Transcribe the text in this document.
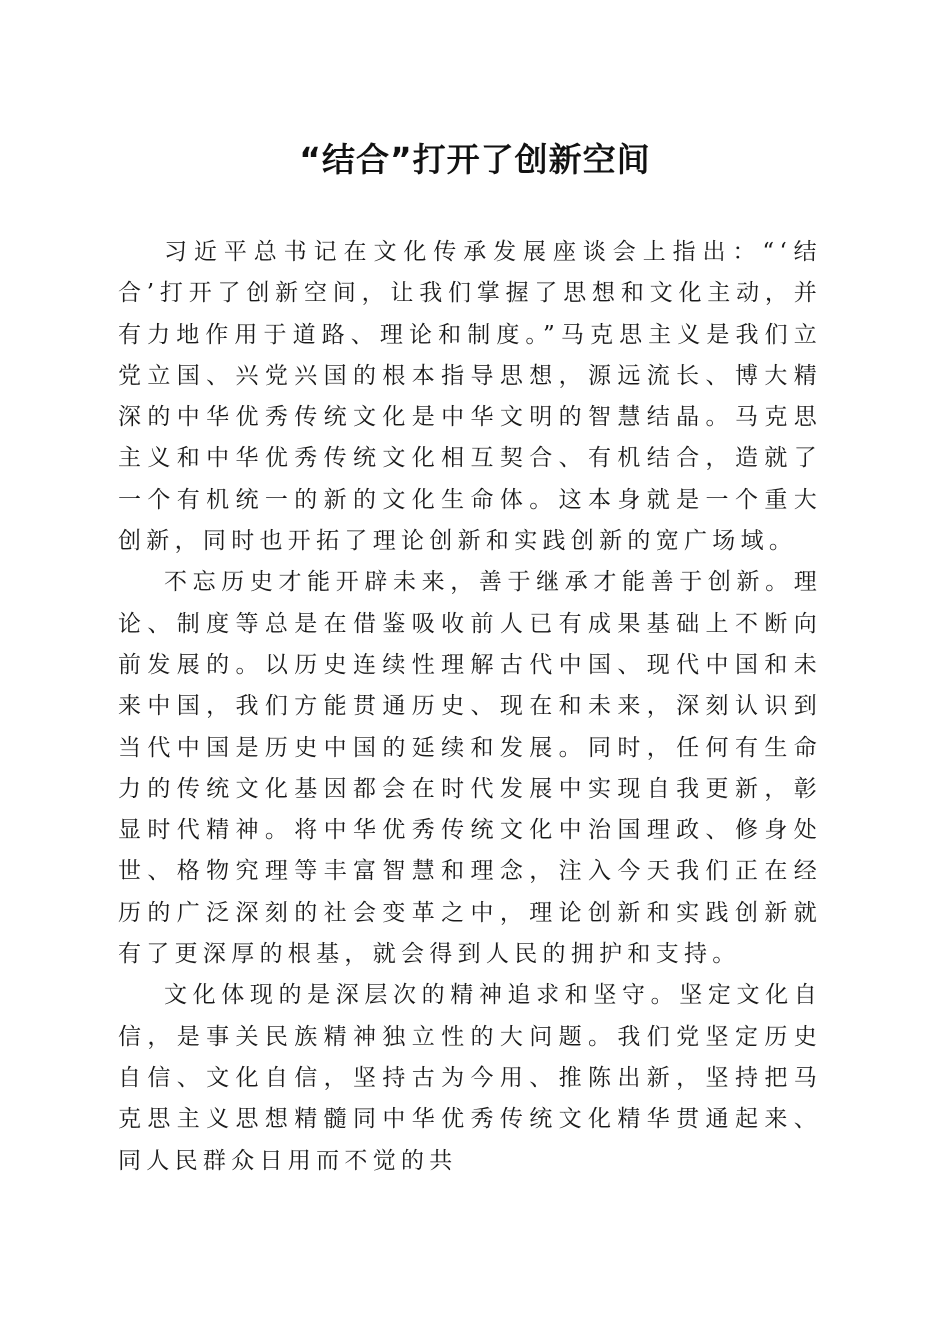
“结合”打开了创新空间

习近平总书记在文化传承发展座谈会上指出：“‘结合’打开了创新空间，让我们掌握了思想和文化主动，并有力地作用于道路、理论和制度。”马克思主义是我们立党立国、兴党兴国的根本指导思想，源远流长、博大精深的中华优秀传统文化是中华文明的智慧结晶。马克思主义和中华优秀传统文化相互契合、有机结合，造就了一个有机统一的新的文化生命体。这本身就是一个重大创新，同时也开拓了理论创新和实践创新的宽广场域。

不忘历史才能开辟未来，善于继承才能善于创新。理论、制度等总是在借鉴吸收前人已有成果基础上不断向前发展的。以历史连续性理解古代中国、现代中国和未来中国，我们方能贯通历史、现在和未来，深刻认识到当代中国是历史中国的延续和发展。同时，任何有生命力的传统文化基因都会在时代发展中实现自我更新，彰显时代精神。将中华优秀传统文化中治国理政、修身处世、格物究理等丰富智慧和理念，注入今天我们正在经历的广泛深刻的社会变革之中，理论创新和实践创新就有了更深厚的根基，就会得到人民的拥护和支持。

文化体现的是深层次的精神追求和坚守。坚定文化自信，是事关民族精神独立性的大问题。我们党坚定历史自信、文化自信，坚持古为今用、推陈出新，坚持把马克思主义思想精髓同中华优秀传统文化精华贯通起来、同人民群众日用而不觉的共
